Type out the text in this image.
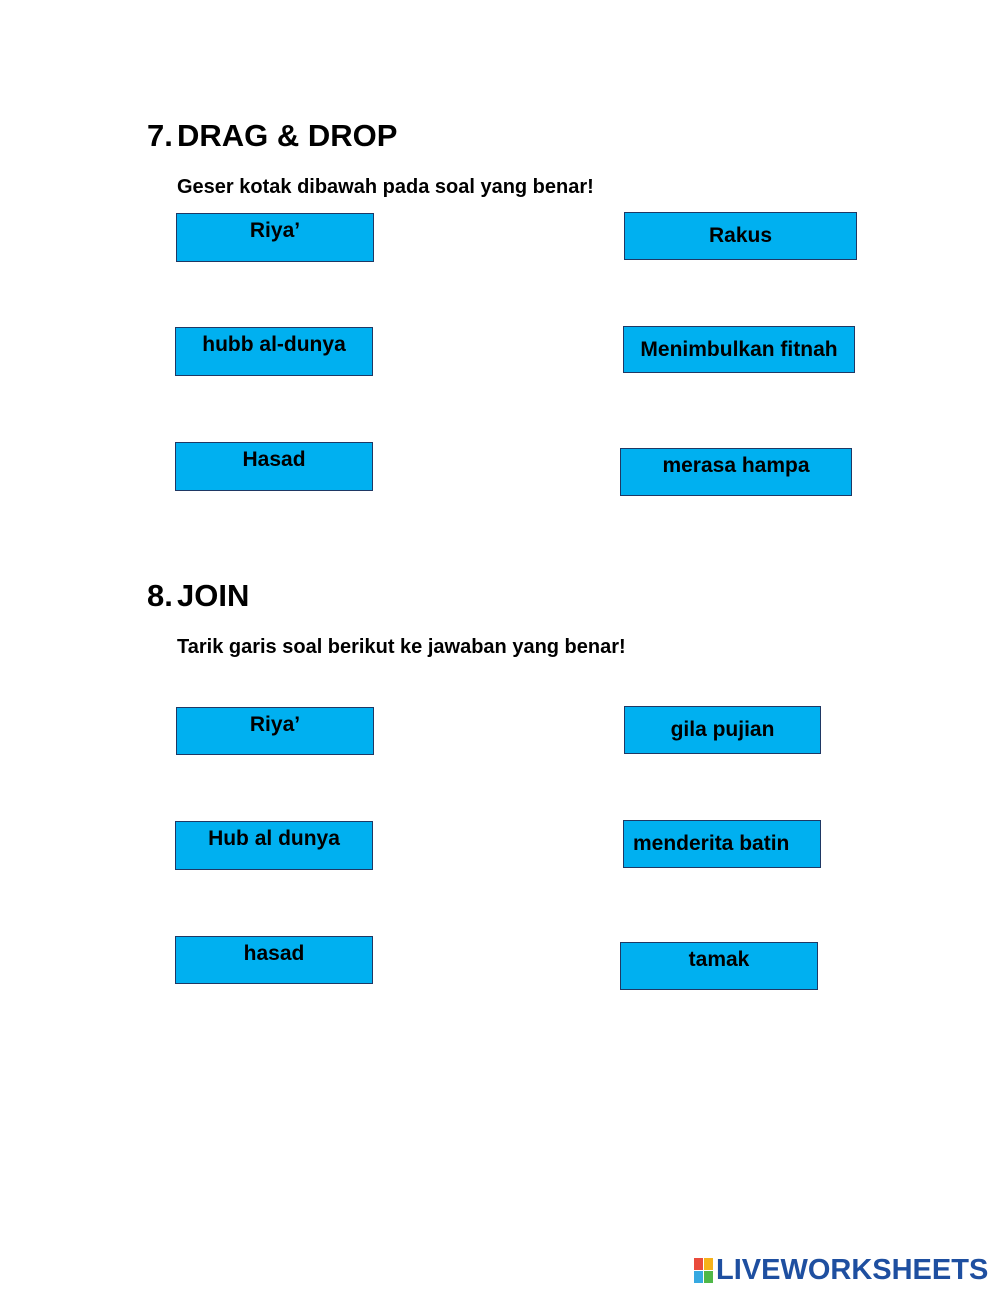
7. DRAG & DROP

Geser kotak dibawah pada soal yang benar!

Riya’
hubb al-dunya
Hasad
Rakus
Menimbulkan fitnah
merasa hampa
8. JOIN

Tarik garis soal berikut ke jawaban yang benar!

Riya’
Hub al dunya
hasad
gila pujian
menderita batin
tamak
LIVEWORKSHEETS
